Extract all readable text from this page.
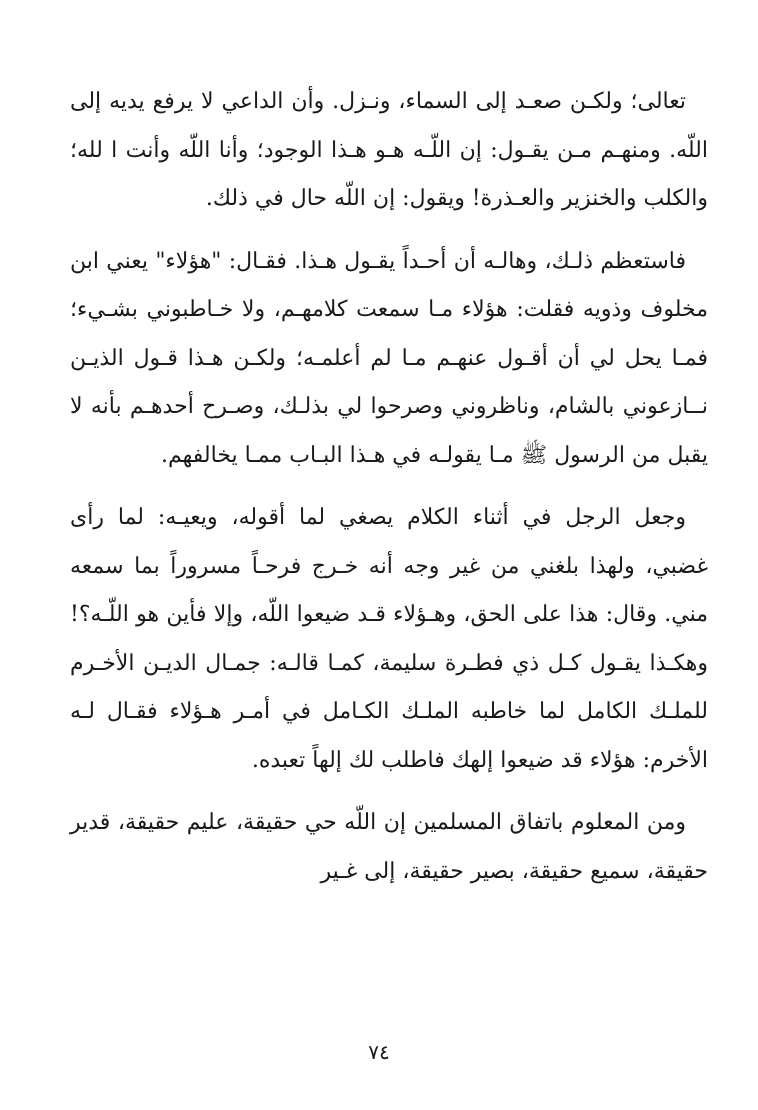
تعالى؛ ولكـن صعـد إلى السماء، ونـزل. وأن الداعي لا يرفع يديه إلى اللّه. ومنهـم مـن يقـول: إن اللّـه هـو هـذا الوجود؛ وأنا اللّه وأنت ا لله؛ والكلب والخنزير والعـذرة! ويقول: إن اللّه حال في ذلك.

فاستعظم ذلـك، وهالـه أن أحـداً يقـول هـذا. فقـال: "هؤلاء" يعني ابن مخلوف وذويه فقلت: هؤلاء مـا سمعت كلامهـم، ولا خـاطبوني بشـيء؛ فمـا يحل لي أن أقـول عنهـم مـا لم أعلمـه؛ ولكـن هـذا قـول الذيـن نــازعوني بالشام، وناظروني وصرحوا لي بذلـك، وصـرح أحدهـم بأنه لا يقبل من الرسول ﷺ مـا يقولـه في هـذا البـاب ممـا يخالفهم.

وجعل الرجل في أثناء الكلام يصغي لما أقوله، ويعيـه: لما رأى غضبي، ولهذا بلغني من غير وجه أنه خـرج فرحـاً مسروراً بما سمعه مني. وقال: هذا على الحق، وهـؤلاء قـد ضيعوا اللّه، وإلا فأين هو اللّـه؟! وهكـذا يقـول كـل ذي فطـرة سليمة، كمـا قالـه: جمـال الديـن الأخـرم للملـك الكامل لما خاطبه الملـك الكـامل في أمـر هـؤلاء فقـال لـه الأخرم: هؤلاء قد ضيعوا إلهك فاطلب لك إلهاً تعبده.

ومن المعلوم باتفاق المسلمين إن اللّه حي حقيقة، عليم حقيقة، قدير حقيقة، سميع حقيقة، بصير حقيقة، إلى غـير

٧٤
